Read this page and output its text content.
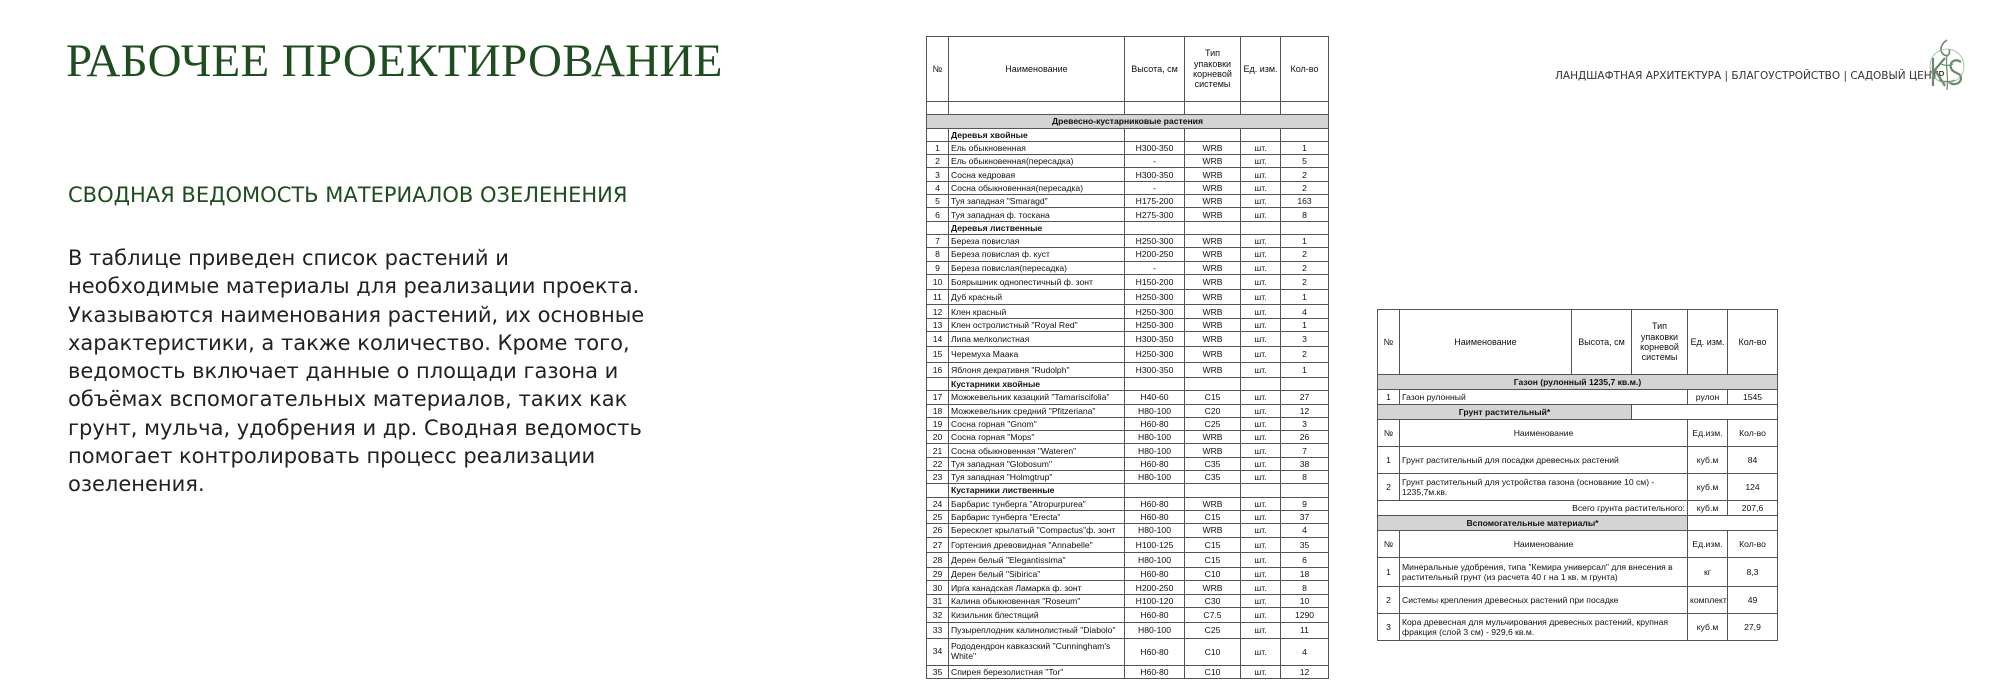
РАБОЧЕЕ ПРОЕКТИРОВАНИЕ
СВОДНАЯ ВЕДОМОСТЬ МАТЕРИАЛОВ ОЗЕЛЕНЕНИЯ

В таблице приведен список растений и необходимые материалы для реализации проекта. Указываются наименования растений, их основные характеристики, а также количество. Кроме того, ведомость включает данные о площади газона и объёмах вспомогательных материалов, таких как грунт, мульча, удобрения и др. Сводная ведомость помогает контролировать процесс реализации озеленения.

ЛАНДШАФТНАЯ АРХИТЕКТУРА | БЛАГОУСТРОЙСТВО | САДОВЫЙ ЦЕНТР
№	Наименование	Высота, см	Тип упаковки корневой системы	Ед. изм.	Кол-во

Древесно-кустарниковые растения					
	Деревья хвойные				
1	Ель обыкновенная	H300-350	WRB	шт.	1
2	Ель обыкновенная(пересадка)	-	WRB	шт.	5
3	Сосна кедровая	H300-350	WRB	шт.	2
4	Сосна обыкновенная(пересадка)	-	WRB	шт.	2
5	Туя западная "Smaragd"	H175-200	WRB	шт.	163
6	Туя западная ф. тоскана	H275-300	WRB	шт.	8
	Деревья лиственные				
7	Береза повислая	H250-300	WRB	шт.	1
8	Береза повислая ф. куст	H200-250	WRB	шт.	2
9	Береза повислая(пересадка)	-	WRB	шт.	2
10	Боярышник однопестичный ф. зонт	H150-200	WRB	шт.	2
11	Дуб красный	H250-300	WRB	шт.	1
12	Клен красный	H250-300	WRB	шт.	4
13	Клен остролистный "Royal Red"	H250-300	WRB	шт.	1
14	Липа мелколистная	H300-350	WRB	шт.	3
15	Черемуха Маака	H250-300	WRB	шт.	2
16	Яблоня декративня "Rudolph"	H300-350	WRB	шт.	1
	Кустарники хвойные				
17	Можжевельник казацкий "Tamariscifolia"	H40-60	C15	шт.	27
18	Можжевельник средний "Pfitzeriana"	H80-100	C20	шт.	12
19	Сосна горная "Gnom"	H60-80	C25	шт.	3
20	Сосна горная "Mops"	H80-100	WRB	шт.	26
21	Сосна обыкновенная "Wateren"	H80-100	WRB	шт.	7
22	Туя западная "Globosum"	H60-80	C35	шт.	38
23	Туя западная "Holmgtrup"	H80-100	C35	шт.	8
	Кустарники лиственные				
24	Барбарис тунберга "Atropurpurea"	H60-80	WRB	шт.	9
25	Барбарис тунберга "Erecta"	H60-80	C15	шт.	37
26	Бересклет крылатый "Compactus"ф. зонт	H80-100	WRB	шт.	4
27	Гортензия древовидная "Annabelle"	H100-125	C15	шт.	35
28	Дерен белый "Elegantissima"	H80-100	C15	шт.	6
29	Дерен белый "Sibirica"	H60-80	C10	шт.	18
30	Ирга канадская Ламарка ф. зонт	H200-250	WRB	шт.	8
31	Калина обыкновенная "Roseum"	H100-120	C30	шт.	10
32	Кизильник блестящий	H60-80	C7.5	шт.	1290
33	Пузыреплодник калинолистный "Diabolo"	H80-100	C25	шт.	11
34	Рододендрон кавказский "Cunningham's White"	H60-80	C10	шт.	4
35	Спирея березолистная "Tor"	H60-80	C10	шт.	12
№	Наименование	Высота, см	Тип упаковки корневой системы	Ед. изм.	Кол-во
Газон (рулонный 1235,7 кв.м.)					
1	Газон рулонный			рулон	1545
Грунт растительный*					
№	Наименование			Ед.изм.	Кол-во
1	Грунт растительный для посадки древесных растений			куб.м	84
2	Грунт растительный для устройства газона (основание 10 см) - 1235,7м.кв.			куб.м	124
Всего грунта растительного:				куб.м	207,6
Вспомогательные материалы*					
№	Наименование			Ед.изм.	Кол-во
1	Минеральные удобрения, типа "Кемира универсал" для внесения в растительный грунт (из расчета 40 г на 1 кв. м грунта)			кг	8,3
2	Системы крепления древесных растений при посадке			комплект	49
3	Кора древесная для мульчирования древесных растений, крупная фракция (слой 3 см) - 929,6 кв.м.			куб.м	27,9
